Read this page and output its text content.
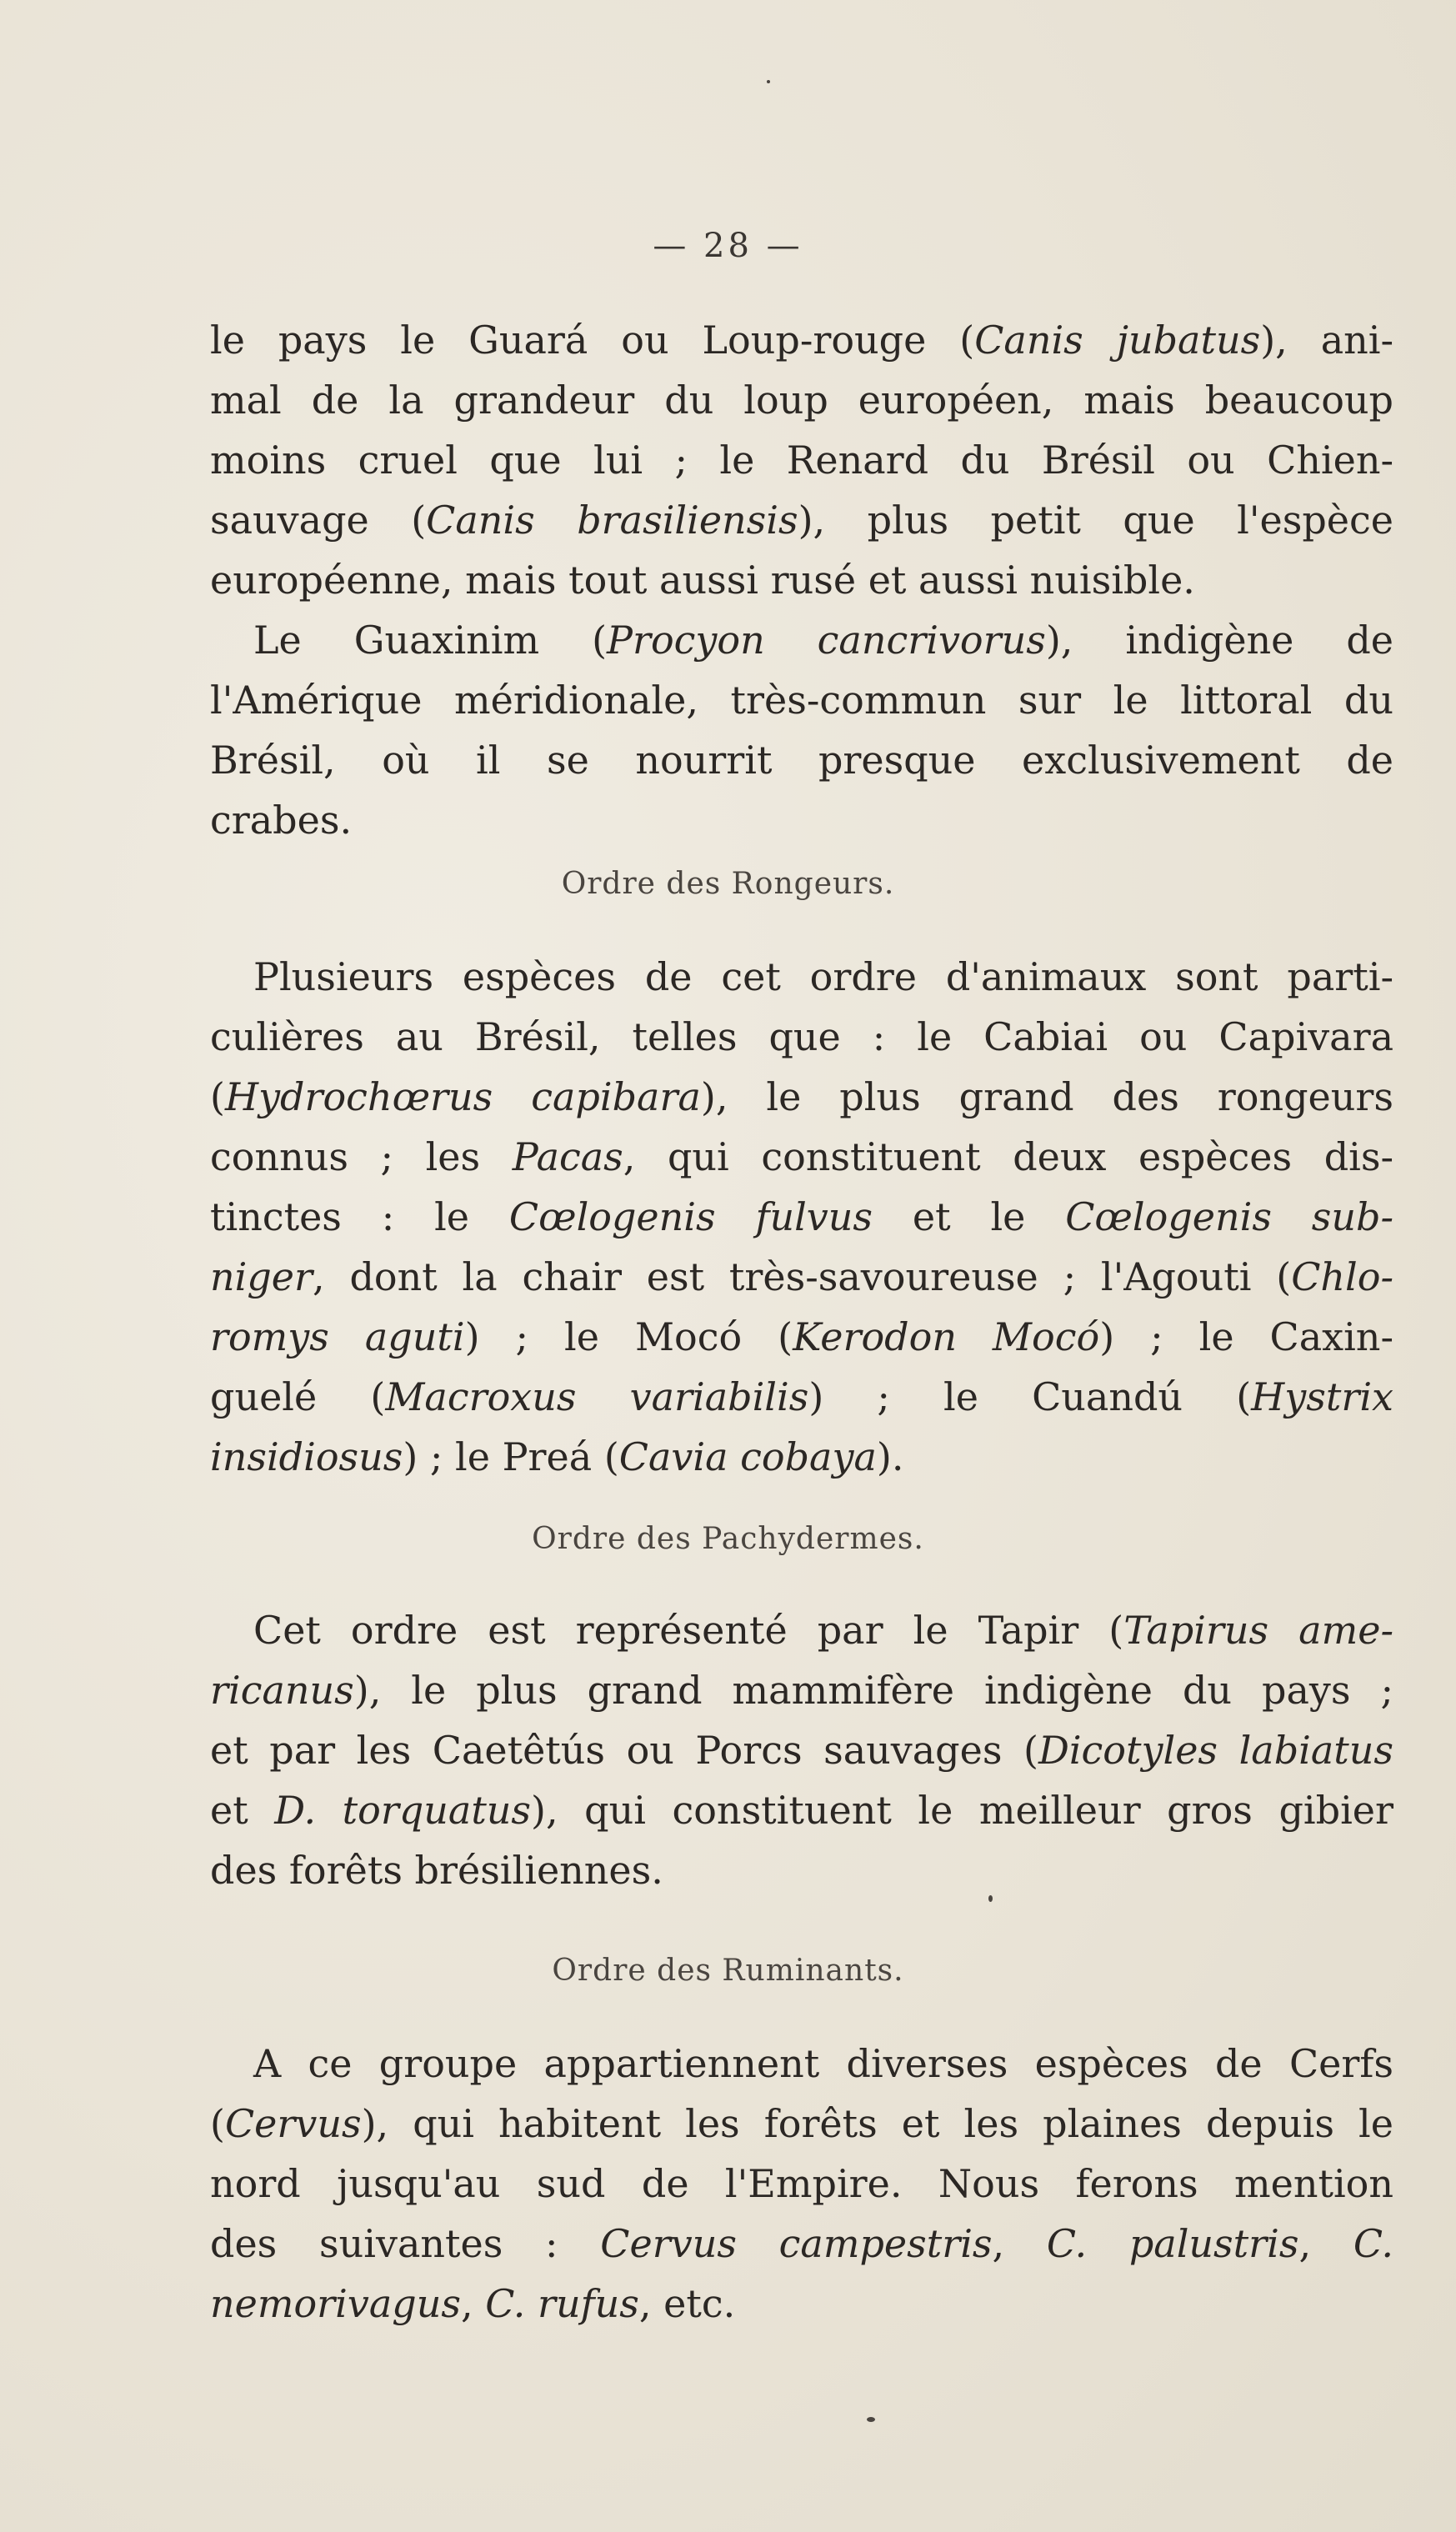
— 28 —

le pays le Guará ou Loup-rouge (Canis jubatus), ani-
mal de la grandeur du loup européen, mais beaucoup
moins cruel que lui ; le Renard du Brésil ou Chien-
sauvage (Canis brasiliensis), plus petit que l'espèce
européenne, mais tout aussi rusé et aussi nuisible.

Le Guaxinim (Procyon cancrivorus), indigène de
l'Amérique méridionale, très-commun sur le littoral du
Brésil, où il se nourrit presque exclusivement de
crabes.

Ordre des Rongeurs.

Plusieurs espèces de cet ordre d'animaux sont parti-
culières au Brésil, telles que : le Cabiai ou Capivara
(Hydrochœrus capibara), le plus grand des rongeurs
connus ; les Pacas, qui constituent deux espèces dis-
tinctes : le Cœlogenis fulvus et le Cœlogenis sub-
niger, dont la chair est très-savoureuse ; l'Agouti (Chlo-
romys aguti) ; le Mocó (Kerodon Mocó) ; le Caxin-
guelé (Macroxus variabilis) ; le Cuandú (Hystrix
insidiosus) ; le Preá (Cavia cobaya).

Ordre des Pachydermes.

Cet ordre est représenté par le Tapir (Tapirus ame-
ricanus), le plus grand mammifère indigène du pays ;
et par les Caetêtús ou Porcs sauvages (Dicotyles labiatus
et D. torquatus), qui constituent le meilleur gros gibier
des forêts brésiliennes.

Ordre des Ruminants.

A ce groupe appartiennent diverses espèces de Cerfs
(Cervus), qui habitent les forêts et les plaines depuis le
nord jusqu'au sud de l'Empire. Nous ferons mention
des suivantes : Cervus campestris, C. palustris, C.
nemorivagus, C. rufus, etc.
